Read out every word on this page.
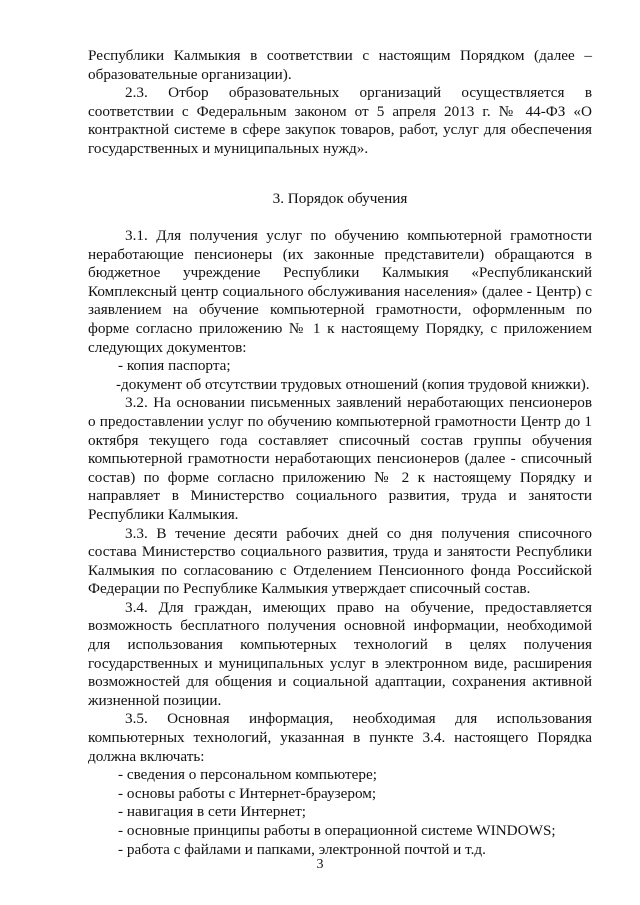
Республики Калмыкия в соответствии с настоящим Порядком (далее – образовательные организации).

2.3. Отбор образовательных организаций осуществляется в соответствии с Федеральным законом от 5 апреля 2013 г. № 44-ФЗ «О контрактной системе в сфере закупок товаров, работ, услуг для обеспечения государственных и муниципальных нужд».

3. Порядок обучения

3.1. Для получения услуг по обучению компьютерной грамотности неработающие пенсионеры (их законные представители) обращаются в бюджетное учреждение Республики Калмыкия «Республиканский Комплексный центр социального обслуживания населения» (далее - Центр) с заявлением на обучение компьютерной грамотности, оформленным по форме согласно приложению № 1 к настоящему Порядку, с приложением следующих документов:

- копия паспорта;

-документ об отсутствии трудовых отношений (копия трудовой книжки).

3.2. На основании письменных заявлений неработающих пенсионеров о предоставлении услуг по обучению компьютерной грамотности Центр до 1 октября текущего года составляет списочный состав группы обучения компьютерной грамотности неработающих пенсионеров (далее - списочный состав) по форме согласно приложению № 2 к настоящему Порядку и направляет в Министерство социального развития, труда и занятости Республики Калмыкия.

3.3. В течение десяти рабочих дней со дня получения списочного состава Министерство социального развития, труда и занятости Республики Калмыкия по согласованию с Отделением Пенсионного фонда Российской Федерации по Республике Калмыкия утверждает списочный состав.

3.4. Для граждан, имеющих право на обучение, предоставляется возможность бесплатного получения основной информации, необходимой для использования компьютерных технологий в целях получения государственных и муниципальных услуг в электронном виде, расширения возможностей для общения и социальной адаптации, сохранения активной жизненной позиции.

3.5. Основная информация, необходимая для использования компьютерных технологий, указанная в пункте 3.4. настоящего Порядка должна включать:

- сведения о персональном компьютере;

- основы работы с Интернет-браузером;

- навигация в сети Интернет;

- основные принципы работы в операционной системе WINDOWS;

- работа с файлами и папками, электронной почтой и т.д.

3
